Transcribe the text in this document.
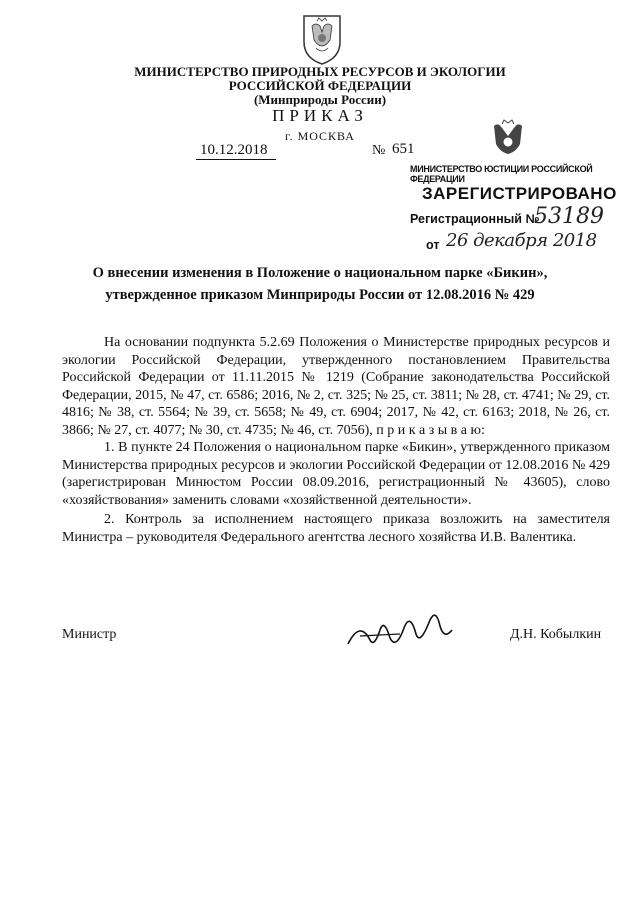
МИНИСТЕРСТВО ПРИРОДНЫХ РЕСУРСОВ И ЭКОЛОГИИ
РОССИЙСКОЙ ФЕДЕРАЦИИ
(Минприроды России)
ПРИКАЗ
г. МОСКВА
10.12.2018	№ 651
МИНИСТЕРСТВО ЮСТИЦИИ РОССИЙСКОЙ ФЕДЕРАЦИИ
ЗАРЕГИСТРИРОВАНО
Регистрационный №
53189
от 26 декабря 2018
О внесении изменения в Положение о национальном парке «Бикин»,
утвержденное приказом Минприроды России от 12.08.2016 № 429

На основании подпункта 5.2.69 Положения о Министерстве природных ресурсов и экологии Российской Федерации, утвержденного постановлением Правительства Российской Федерации от 11.11.2015 № 1219 (Собрание законодательства Российской Федерации, 2015, № 47, ст. 6586; 2016, № 2, ст. 325; № 25, ст. 3811; № 28, ст. 4741; № 29, ст. 4816; № 38, ст. 5564; № 39, ст. 5658; № 49, ст. 6904; 2017, № 42, ст. 6163; 2018, № 26, ст. 3866; № 27, ст. 4077; № 30, ст. 4735; № 46, ст. 7056), п р и к а з ы в а ю:

1. В пункте 24 Положения о национальном парке «Бикин», утвержденного приказом Министерства природных ресурсов и экологии Российской Федерации от 12.08.2016 № 429 (зарегистрирован Минюстом России 08.09.2016, регистрационный № 43605), слово «хозяйствования» заменить словами «хозяйственной деятельности».

2. Контроль за исполнением настоящего приказа возложить на заместителя Министра – руководителя Федерального агентства лесного хозяйства И.В. Валентика.

Министр	Д.Н. Кобылкин
